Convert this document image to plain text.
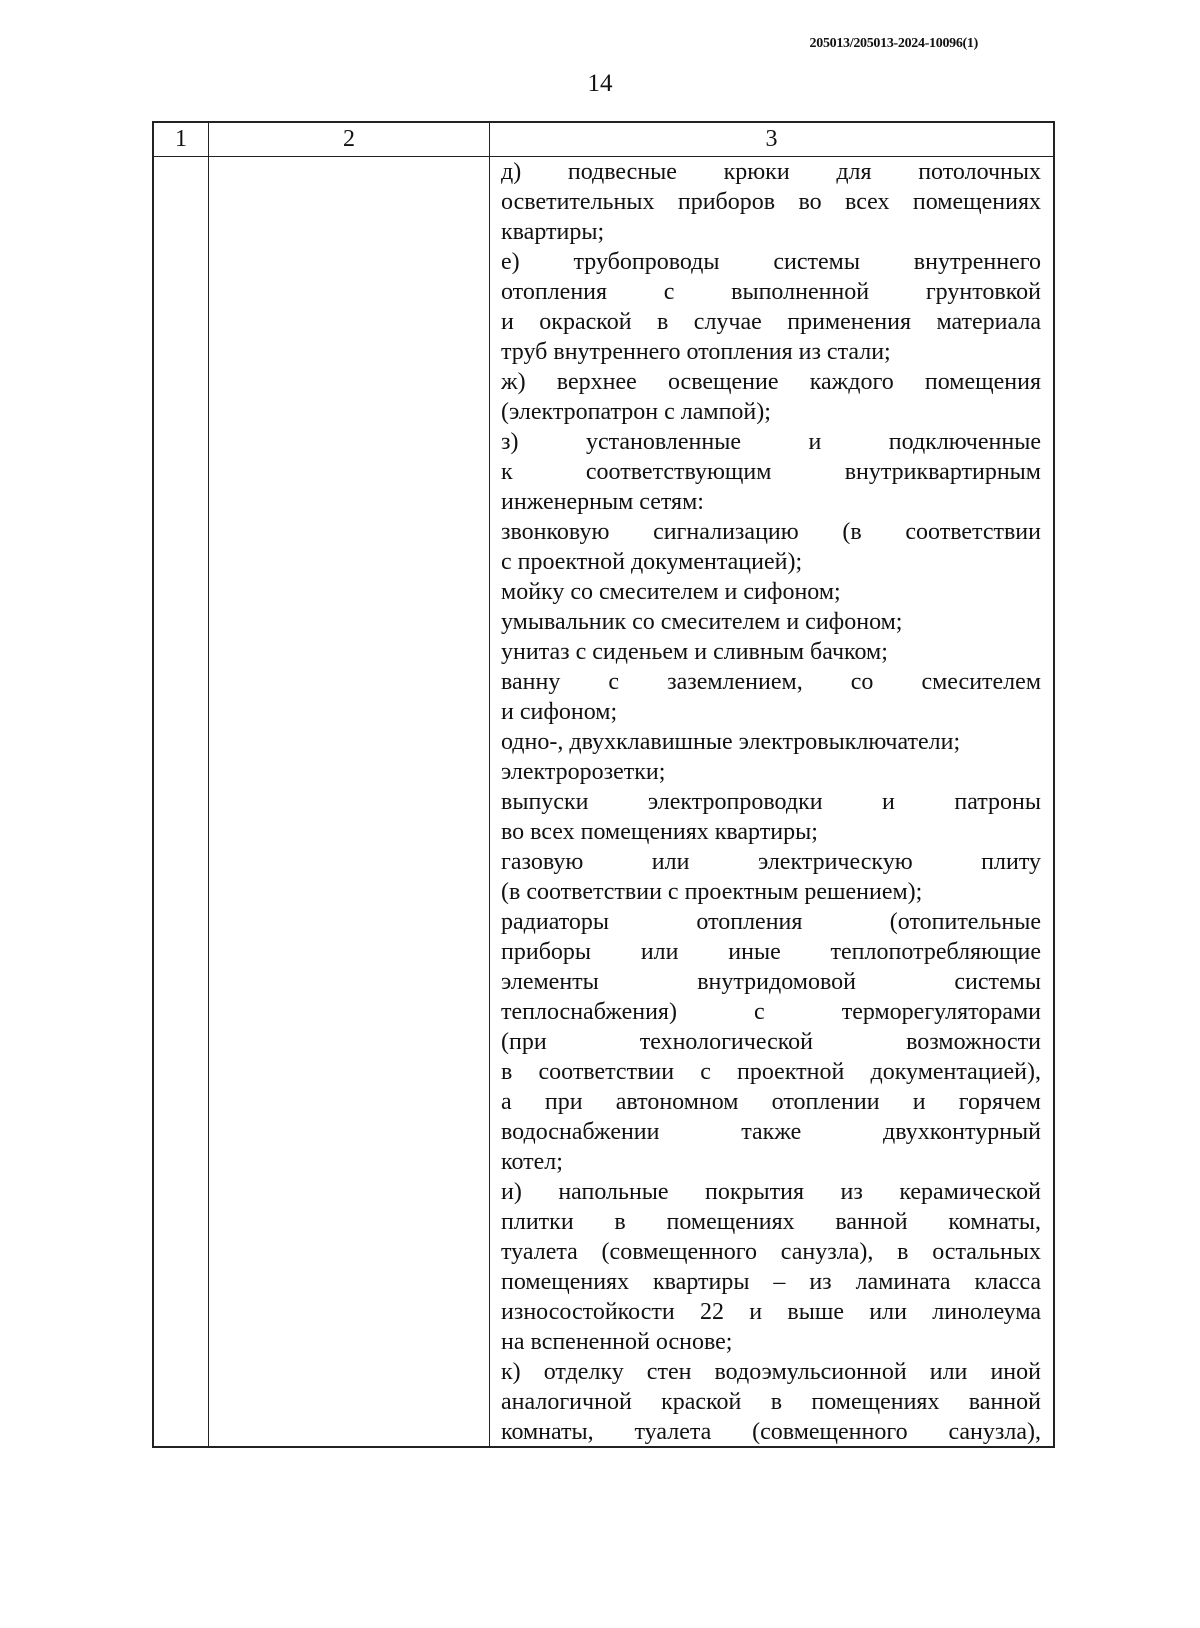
205013/205013-2024-10096(1)
14
1	2	3
д) подвесные крюки для потолочных
осветительных приборов во всех помещениях
квартиры;
е) трубопроводы системы внутреннего
отопления с выполненной грунтовкой
и окраской в случае применения материала
труб внутреннего отопления из стали;
ж) верхнее освещение каждого помещения
(электропатрон с лампой);
з) установленные и подключенные
к соответствующим внутриквартирным
инженерным сетям:
звонковую сигнализацию (в соответствии
с проектной документацией);
мойку со смесителем и сифоном;
умывальник со смесителем и сифоном;
унитаз с сиденьем и сливным бачком;
ванну с заземлением, со смесителем
и сифоном;
одно-, двухклавишные электровыключатели;
электророзетки;
выпуски электропроводки и патроны
во всех помещениях квартиры;
газовую или электрическую плиту
(в соответствии с проектным решением);
радиаторы отопления (отопительные
приборы или иные теплопотребляющие
элементы внутридомовой системы
теплоснабжения) с терморегуляторами
(при технологической возможности
в соответствии с проектной документацией),
а при автономном отоплении и горячем
водоснабжении также двухконтурный
котел;
и) напольные покрытия из керамической
плитки в помещениях ванной комнаты,
туалета (совмещенного санузла), в остальных
помещениях квартиры – из ламината класса
износостойкости 22 и выше или линолеума
на вспененной основе;
к) отделку стен водоэмульсионной или иной
аналогичной краской в помещениях ванной
комнаты, туалета (совмещенного санузла),
